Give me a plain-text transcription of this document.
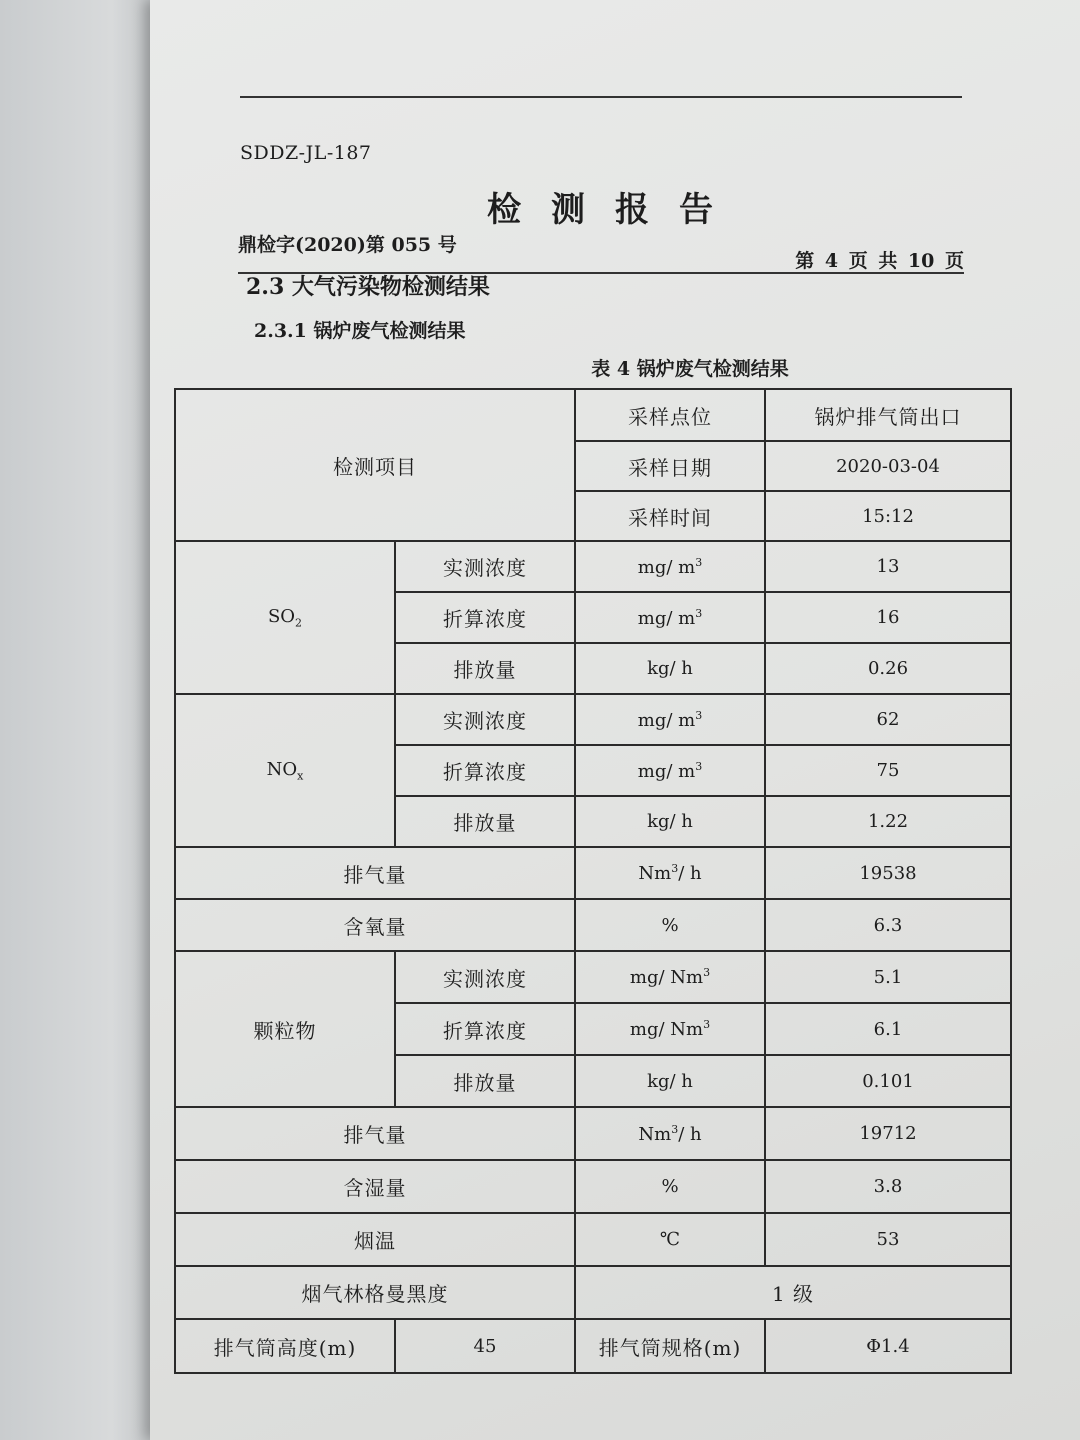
SDDZ-JL-187
检测报告
鼎检字(2020)第 055 号
第 4 页 共 10 页
2.3 大气污染物检测结果
2.3.1 锅炉废气检测结果
表 4 锅炉废气检测结果
检测项目		采样点位	锅炉排气筒出口
		采样日期	2020-03-04
		采样时间	15:12
$SO_2$	实测浓度	mg/ $m^3$	13
	折算浓度	mg/ $m^3$	16
	排放量	kg/ h	0.26
$NO_x$	实测浓度	mg/ $m^3$	62
	折算浓度	mg/ $m^3$	75
	排放量	kg/ h	1.22
排气量		Nm$^3$/ h	19538
含氧量		%	6.3
颗粒物	实测浓度	mg/ Nm$^3$	5.1
	折算浓度	mg/ Nm$^3$	6.1
	排放量	kg/ h	0.101
排气量		Nm$^3$/ h	19712
含湿量		%	3.8
烟温		℃	53
烟气林格曼黑度		1 级	
排气筒高度(m)	45	排气筒规格(m)	Φ1.4
